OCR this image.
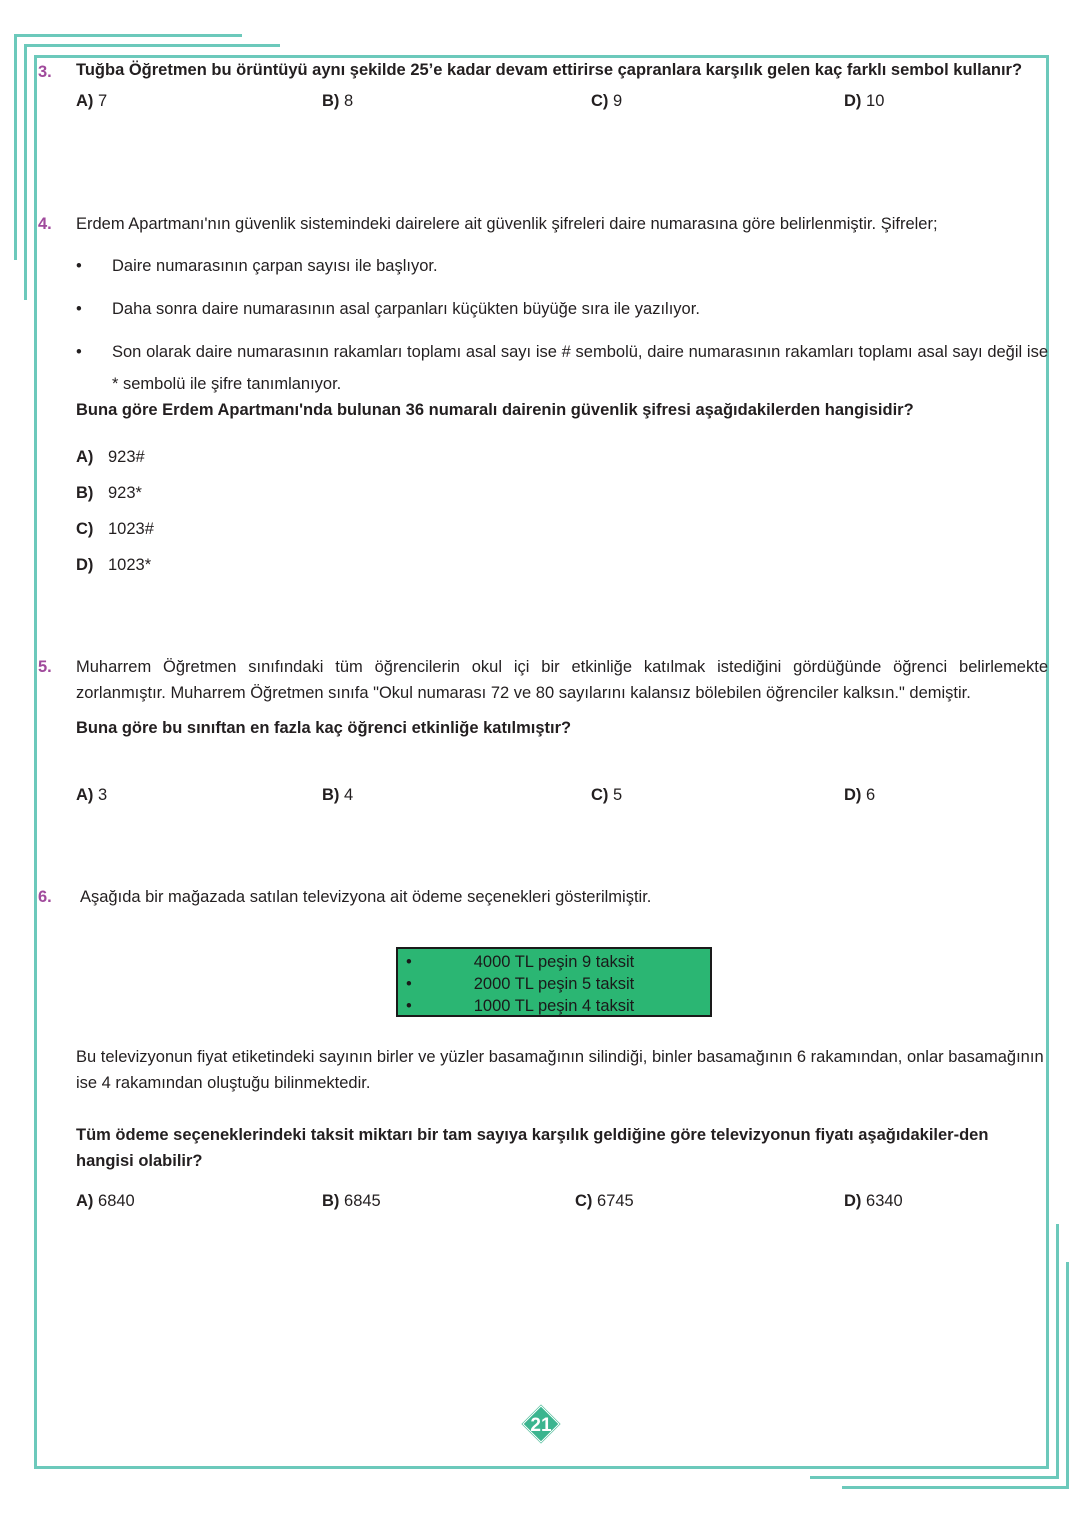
3. Tuğba Öğretmen bu örüntüyü aynı şekilde 25’e kadar devam ettirirse çapranlara karşılık gelen kaç farklı sembol kullanır?
A) 7	B) 8	C) 9	D) 10
4. Erdem Apartmanı'nın güvenlik sistemindeki dairelere ait güvenlik şifreleri daire numarasına göre belirlenmiştir. Şifreler;
• Daire numarasının çarpan sayısı ile başlıyor.
• Daha sonra daire numarasının asal çarpanları küçükten büyüğe sıra ile yazılıyor.
• Son olarak daire numarasının rakamları toplamı asal sayı ise # sembolü, daire numarasının rakamları toplamı asal sayı değil ise * sembolü ile şifre tanımlanıyor.
Buna göre Erdem Apartmanı'nda bulunan 36 numaralı dairenin güvenlik şifresi aşağıdakilerden hangisidir?
A) 923#
B) 923*
C) 1023#
D) 1023*
5. Muharrem Öğretmen sınıfındaki tüm öğrencilerin okul içi bir etkinliğe katılmak istediğini gördüğünde öğrenci belirlemekte zorlanmıştır. Muharrem Öğretmen sınıfa "Okul numarası 72 ve 80 sayılarını kalansız bölebilen öğrenciler kalksın." demiştir.
Buna göre bu sınıftan en fazla kaç öğrenci etkinliğe katılmıştır?
A) 3	B) 4	C) 5	D) 6
6. Aşağıda bir mağazada satılan televizyona ait ödeme seçenekleri gösterilmiştir.
•	4000 TL peşin 9 taksit
•	2000 TL peşin 5 taksit
•	1000 TL peşin 4 taksit
Bu televizyonun fiyat etiketindeki sayının birler ve yüzler basamağının silindiği, binler basamağının 6 rakamından, onlar basamağının ise 4 rakamından oluştuğu bilinmektedir.
Tüm ödeme seçeneklerindeki taksit miktarı bir tam sayıya karşılık geldiğine göre televizyonun fiyatı aşağıdakiler-den hangisi olabilir?
A) 6840	B) 6845	C) 6745	D) 6340
21
